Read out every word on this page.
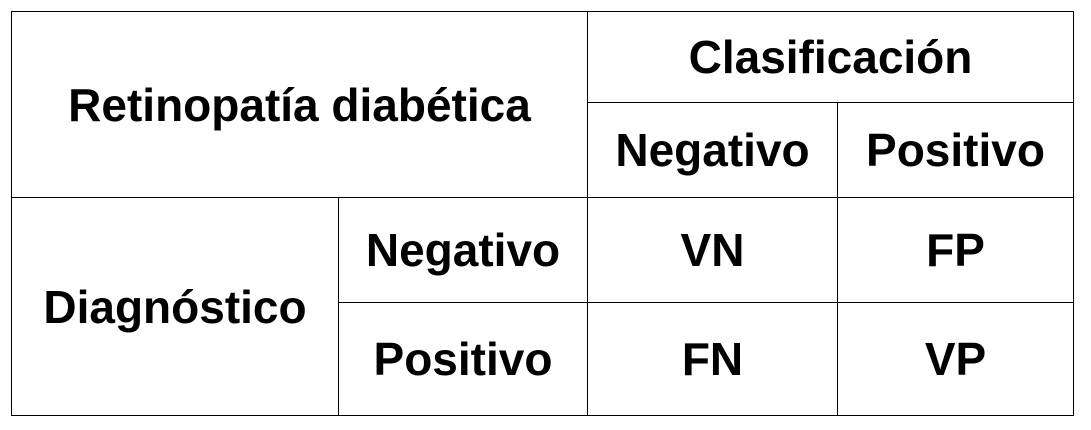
Retinopatía diabética		Clasificación	
		Negativo	Positivo
Diagnóstico	Negativo	VN	FP
	Positivo	FN	VP
